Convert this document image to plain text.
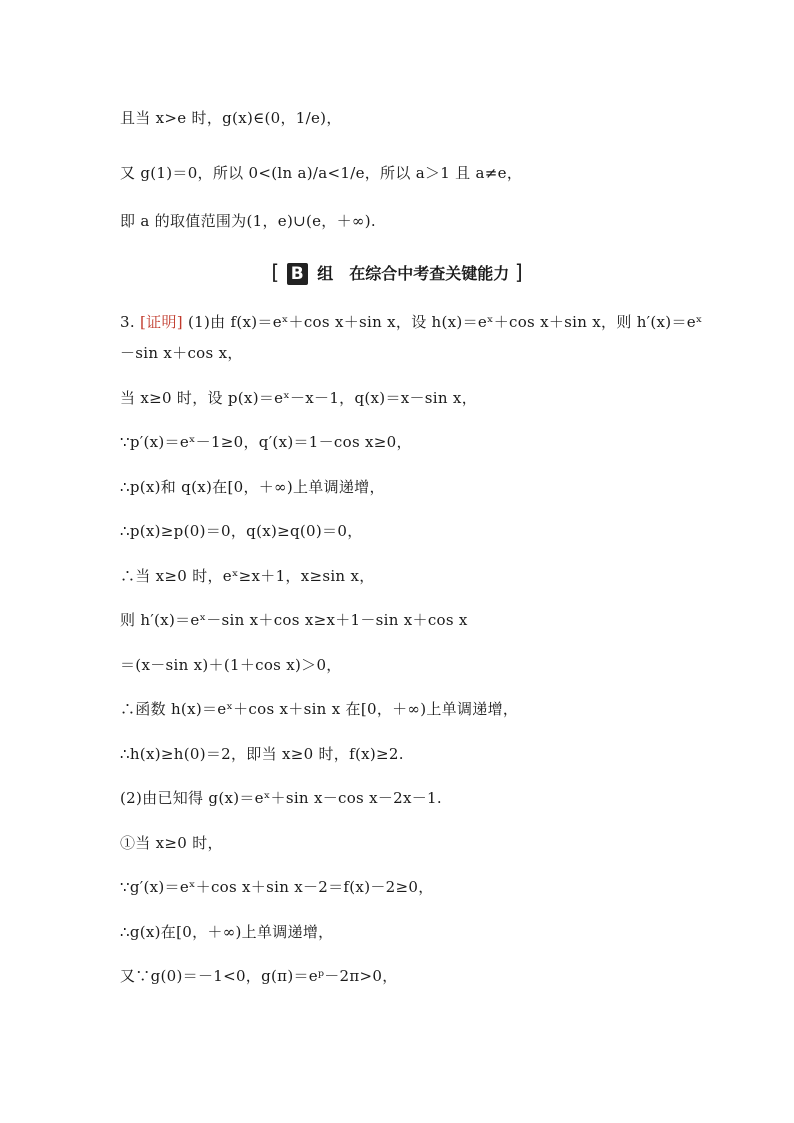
且当 x>e 时，g(x)∈(0，1/e)，
又 g(1)＝0，所以 0<(ln a)/a<1/e，所以 a＞1 且 a≠e，
即 a 的取值范围为(1，e)∪(e，＋∞).
[ B 组　在综合中考查关键能力 ]
3. [证明] (1)由 f(x)＝eˣ＋cos x＋sin x，设 h(x)＝eˣ＋cos x＋sin x，则 h′(x)＝eˣ
－sin x＋cos x，
当 x≥0 时，设 p(x)＝eˣ－x－1，q(x)＝x－sin x，
∵p′(x)＝eˣ－1≥0，q′(x)＝1－cos x≥0，
∴p(x)和 q(x)在[0，＋∞)上单调递增，
∴p(x)≥p(0)＝0，q(x)≥q(0)＝0，
∴当 x≥0 时，eˣ≥x＋1，x≥sin x，
则 h′(x)＝eˣ－sin x＋cos x≥x＋1－sin x＋cos x
＝(x－sin x)＋(1＋cos x)＞0，
∴函数 h(x)＝eˣ＋cos x＋sin x 在[0，＋∞)上单调递增，
∴h(x)≥h(0)＝2，即当 x≥0 时，f(x)≥2.
(2)由已知得 g(x)＝eˣ＋sin x－cos x－2x－1.
①当 x≥0 时，
∵g′(x)＝eˣ＋cos x＋sin x－2＝f(x)－2≥0，
∴g(x)在[0，＋∞)上单调递增，
又∵g(0)＝－1<0，g(π)＝eᵖ－2π>0，
